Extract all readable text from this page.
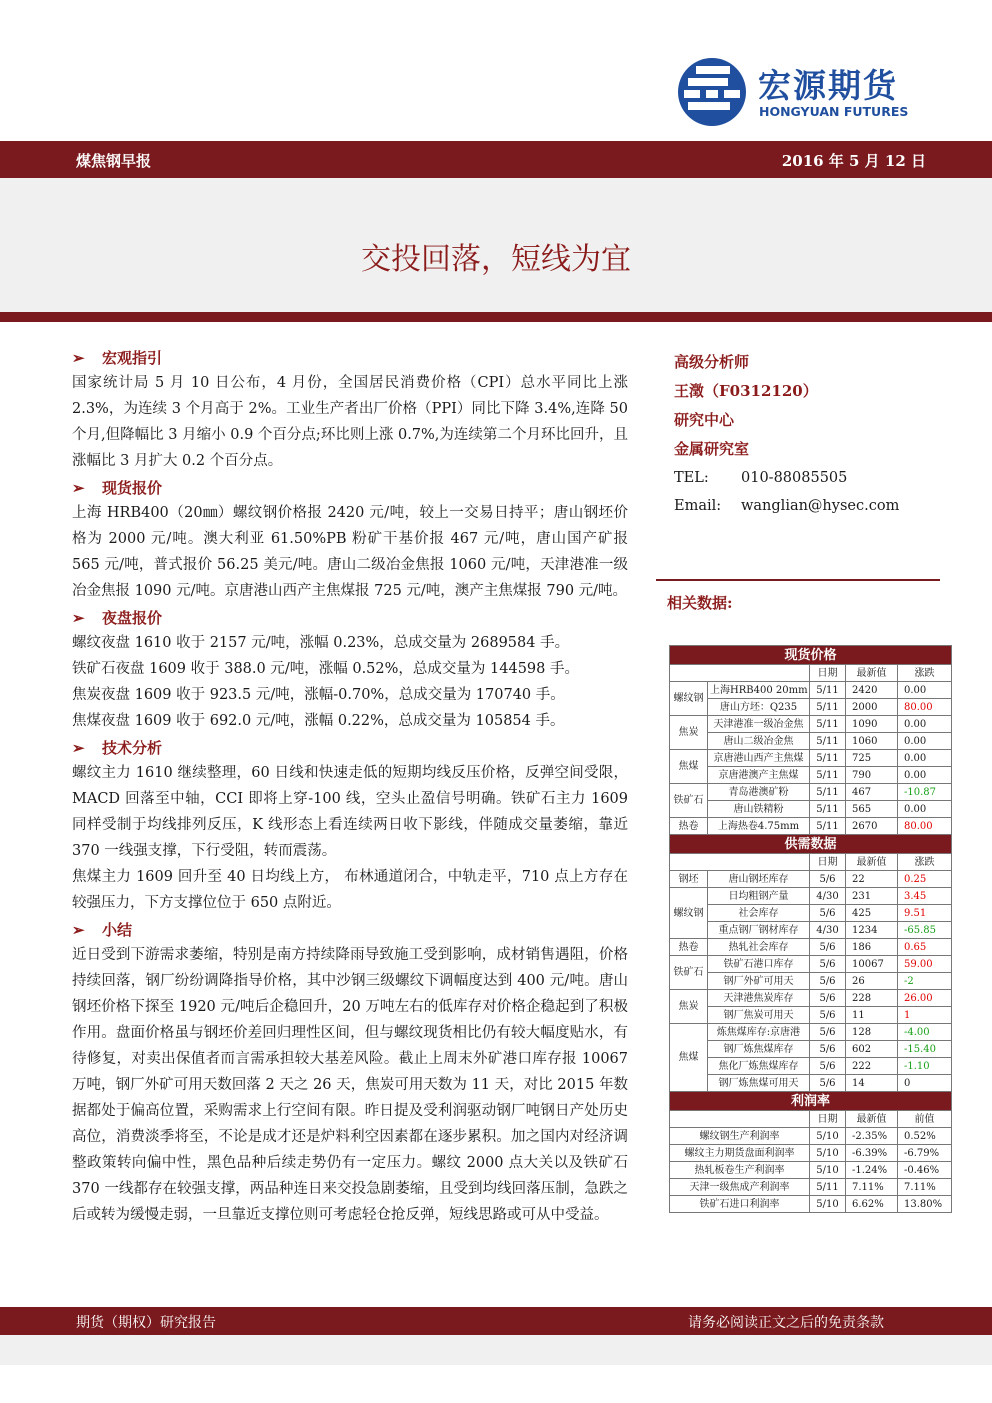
宏源期货
HONGYUAN FUTURES
煤焦钢早报	2016 年 5 月 12 日
交投回落，短线为宜
➢ 宏观指引

国家统计局 5 月 10 日公布，4 月份，全国居民消费价格（CPI）总水平同比上涨 2.3%，为连续 3 个月高于 2%。工业生产者出厂价格（PPI）同比下降 3.4%,连降 50 个月,但降幅比 3 月缩小 0.9 个百分点;环比则上涨 0.7%,为连续第二个月环比回升，且涨幅比 3 月扩大 0.2 个百分点。

➢ 现货报价

上海 HRB400（20㎜）螺纹钢价格报 2420 元/吨，较上一交易日持平；唐山钢坯价格为 2000 元/吨。澳大利亚 61.50%PB 粉矿干基价报 467 元/吨，唐山国产矿报 565 元/吨，普式报价 56.25 美元/吨。唐山二级冶金焦报 1060 元/吨，天津港准一级冶金焦报 1090 元/吨。京唐港山西产主焦煤报 725 元/吨，澳产主焦煤报 790 元/吨。

➢ 夜盘报价

螺纹夜盘 1610 收于 2157 元/吨，涨幅 0.23%，总成交量为 2689584 手。

铁矿石夜盘 1609 收于 388.0 元/吨，涨幅 0.52%，总成交量为 144598 手。

焦炭夜盘 1609 收于 923.5 元/吨，涨幅-0.70%，总成交量为 170740 手。

焦煤夜盘 1609 收于 692.0 元/吨，涨幅 0.22%，总成交量为 105854 手。

➢ 技术分析

螺纹主力 1610 继续整理，60 日线和快速走低的短期均线反压价格，反弹空间受限，MACD 回落至中轴，CCI 即将上穿-100 线，空头止盈信号明确。铁矿石主力 1609 同样受制于均线排列反压，K 线形态上看连续两日收下影线，伴随成交量萎缩，靠近 370 一线强支撑，下行受阻，转而震荡。

焦煤主力 1609 回升至 40 日均线上方， 布林通道闭合，中轨走平，710 点上方存在较强压力，下方支撑位位于 650 点附近。

➢ 小结

近日受到下游需求萎缩，特别是南方持续降雨导致施工受到影响，成材销售遇阻，价格持续回落，钢厂纷纷调降指导价格，其中沙钢三级螺纹下调幅度达到 400 元/吨。唐山钢坯价格下探至 1920 元/吨后企稳回升，20 万吨左右的低库存对价格企稳起到了积极作用。盘面价格虽与钢坯价差回归理性区间，但与螺纹现货相比仍有较大幅度贴水，有待修复，对卖出保值者而言需承担较大基差风险。截止上周末外矿港口库存报 10067 万吨，钢厂外矿可用天数回落 2 天之 26 天，焦炭可用天数为 11 天，对比 2015 年数据都处于偏高位置，采购需求上行空间有限。昨日提及受利润驱动钢厂吨钢日产处历史高位，消费淡季将至，不论是成才还是炉料利空因素都在逐步累积。加之国内对经济调整政策转向偏中性，黑色品种后续走势仍有一定压力。螺纹 2000 点大关以及铁矿石 370 一线都存在较强支撑，两品种连日来交投急剧萎缩，且受到均线回落压制，急跌之后或转为缓慢走弱，一旦靠近支撑位则可考虑轻仓抢反弹，短线思路或可从中受益。

高级分析师
王澂（F0312120）
研究中心
金属研究室
TEL: 010-88085505
Email: wanglian@hysec.com
相关数据:
现货价格				
		日期	最新值	涨跌
螺纹钢	上海HRB400 20mm	5/11	2420	0.00
	唐山方坯：Q235	5/11	2000	80.00
焦炭	天津港准一级冶金焦	5/11	1090	0.00
	唐山二级冶金焦	5/11	1060	0.00
焦煤	京唐港山西产主焦煤	5/11	725	0.00
	京唐港澳产主焦煤	5/11	790	0.00
铁矿石	青岛港澳矿粉	5/11	467	-10.87
	唐山铁精粉	5/11	565	0.00
热卷	上海热卷4.75mm	5/11	2670	80.00
供需数据				
		日期	最新值	涨跌
钢坯	唐山钢坯库存	5/6	22	0.25
螺纹钢	日均粗钢产量	4/30	231	3.45
	社会库存	5/6	425	9.51
	重点钢厂钢材库存	4/30	1234	-65.85
热卷	热轧社会库存	5/6	186	0.65
铁矿石	铁矿石港口库存	5/6	10067	59.00
	钢厂外矿可用天	5/6	26	-2
焦炭	天津港焦炭库存	5/6	228	26.00
	钢厂焦炭可用天	5/6	11	1
焦煤	炼焦煤库存:京唐港	5/6	128	-4.00
	钢厂炼焦煤库存	5/6	602	-15.40
	焦化厂炼焦煤库存	5/6	222	-1.10
	钢厂炼焦煤可用天	5/6	14	0
利润率				
		日期	最新值	前值
螺纹钢生产利润率		5/10	-2.35%	0.52%
螺纹主力期货盘面利润率		5/10	-6.39%	-6.79%
热轧板卷生产利润率		5/10	-1.24%	-0.46%
天津一级焦成产利润率		5/11	7.11%	7.11%
铁矿石进口利润率		5/10	6.62%	13.80%
期货（期权）研究报告	请务必阅读正文之后的免责条款
